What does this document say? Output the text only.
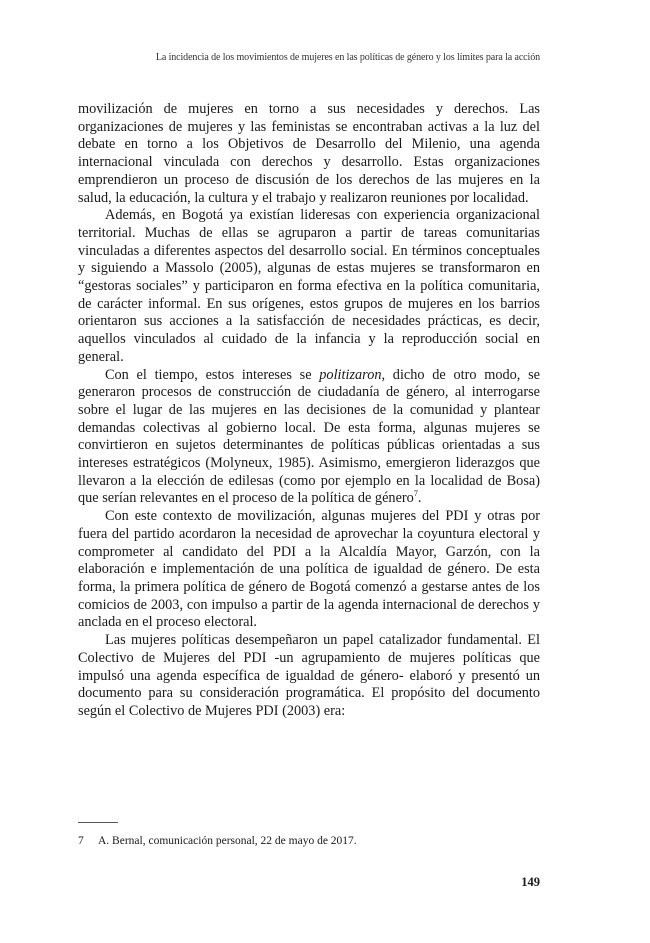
La incidencia de los movimientos de mujeres en las políticas de género y los límites para la acción

movilización de mujeres en torno a sus necesidades y derechos. Las organizaciones de mujeres y las feministas se encontraban activas a la luz del debate en torno a los Objetivos de Desarrollo del Milenio, una agenda internacional vinculada con derechos y desarrollo. Estas organizaciones emprendieron un proceso de discusión de los derechos de las mujeres en la salud, la educación, la cultura y el trabajo y realizaron reuniones por localidad.

Además, en Bogotá ya existían lideresas con experiencia organizacional territorial. Muchas de ellas se agruparon a partir de tareas comunitarias vinculadas a diferentes aspectos del desarrollo social. En términos conceptuales y siguiendo a Massolo (2005), algunas de estas mujeres se transformaron en “gestoras sociales” y participaron en forma efectiva en la política comunitaria, de carácter informal. En sus orígenes, estos grupos de mujeres en los barrios orientaron sus acciones a la satisfacción de necesidades prácticas, es decir, aquellos vinculados al cuidado de la infancia y la reproducción social en general.

Con el tiempo, estos intereses se politizaron, dicho de otro modo, se generaron procesos de construcción de ciudadanía de género, al interrogarse sobre el lugar de las mujeres en las decisiones de la comunidad y plantear demandas colectivas al gobierno local. De esta forma, algunas mujeres se convirtieron en sujetos determinantes de políticas públicas orientadas a sus intereses estratégicos (Molyneux, 1985). Asimismo, emergieron liderazgos que llevaron a la elección de edilesas (como por ejemplo en la localidad de Bosa) que serían relevantes en el proceso de la política de género$^7$.

Con este contexto de movilización, algunas mujeres del PDI y otras por fuera del partido acordaron la necesidad de aprovechar la coyuntura electoral y comprometer al candidato del PDI a la Alcaldía Mayor, Garzón, con la elaboración e implementación de una política de igualdad de género. De esta forma, la primera política de género de Bogotá comenzó a gestarse antes de los comicios de 2003, con impulso a partir de la agenda internacional de derechos y anclada en el proceso electoral.

Las mujeres políticas desempeñaron un papel catalizador fundamental. El Colectivo de Mujeres del PDI -un agrupamiento de mujeres políticas que impulsó una agenda específica de igualdad de género- elaboró y presentó un documento para su consideración programática. El propósito del documento según el Colectivo de Mujeres PDI (2003) era:

7 A. Bernal, comunicación personal, 22 de mayo de 2017.
149
